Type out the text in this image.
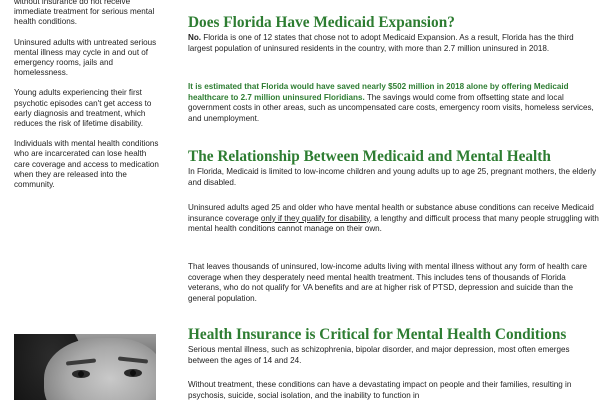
without insurance do not receive immediate treatment for serious mental health conditions.

Uninsured adults with untreated serious mental illness may cycle in and out of emergency rooms, jails and homelessness.

Young adults experiencing their first psychotic episodes can't get access to early diagnosis and treatment, which reduces the risk of lifetime disability.

Individuals with mental health conditions who are incarcerated can lose health care coverage and access to medication when they are released into the community.

Does Florida Have Medicaid Expansion?

No. Florida is one of 12 states that chose not to adopt Medicaid Expansion. As a result, Florida has the third largest population of uninsured residents in the country, with more than 2.7 million uninsured in 2018.

It is estimated that Florida would have saved nearly $502 million in 2018 alone by offering Medicaid healthcare to 2.7 million uninsured Floridians. The savings would come from offsetting state and local government costs in other areas, such as uncompensated care costs, emergency room visits, homeless services, and unemployment.

The Relationship Between Medicaid and Mental Health

In Florida, Medicaid is limited to low-income children and young adults up to age 25, pregnant mothers, the elderly and disabled.

Uninsured adults aged 25 and older who have mental health or substance abuse conditions can receive Medicaid insurance coverage only if they qualify for disability, a lengthy and difficult process that many people struggling with mental health conditions cannot manage on their own.

That leaves thousands of uninsured, low-income adults living with mental illness without any form of health care coverage when they desperately need mental health treatment. This includes tens of thousands of Florida veterans, who do not qualify for VA benefits and are at higher risk of PTSD, depression and suicide than the general population.

Health Insurance is Critical for Mental Health Conditions

Serious mental illness, such as schizophrenia, bipolar disorder, and major depression, most often emerges between the ages of 14 and 24.

Without treatment, these conditions can have a devastating impact on people and their families, resulting in psychosis, suicide, social isolation, and the inability to function in
